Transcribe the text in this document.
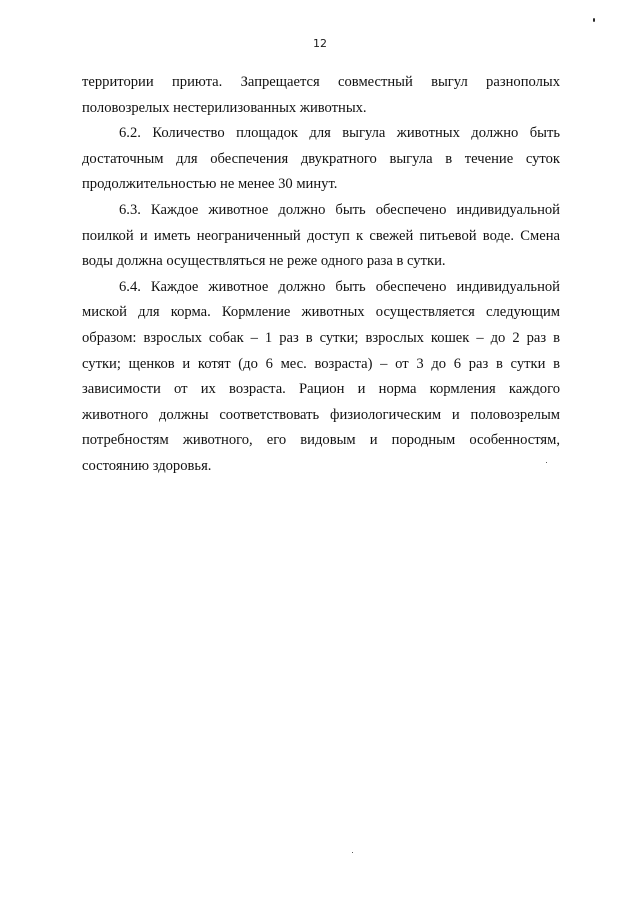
12

территории приюта. Запрещается совместный выгул разнополых
половозрелых нестерилизованных животных.

6.2. Количество площадок для выгула животных должно быть
достаточным для обеспечения двукратного выгула в течение суток
продолжительностью не менее 30 минут.

6.3. Каждое животное должно быть обеспечено индивидуальной
поилкой и иметь неограниченный доступ к свежей питьевой воде. Смена
воды должна осуществляться не реже одного раза в сутки.

6.4. Каждое животное должно быть обеспечено индивидуальной
миской для корма. Кормление животных осуществляется следующим
образом: взрослых собак – 1 раз в сутки; взрослых кошек – до 2 раз в
сутки; щенков и котят (до 6 мес. возраста) – от 3 до 6 раз в сутки в
зависимости от их возраста. Рацион и норма кормления каждого
животного должны соответствовать физиологическим и половозрелым
потребностям животного, его видовым и породным особенностям,
состоянию здоровья.
